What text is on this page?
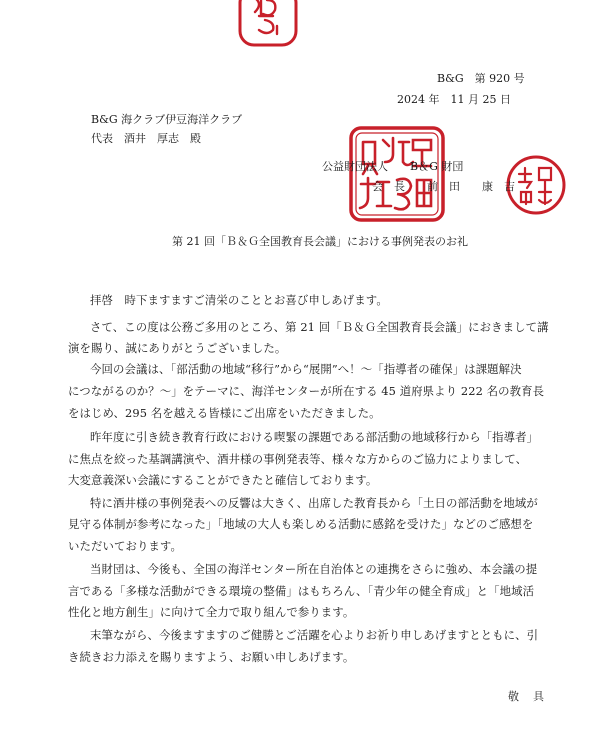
B&G　第 920 号
2024 年　11 月 25 日
B&G 海クラブ伊豆海洋クラブ
代表　酒井　厚志　殿
公益財団法人　　B＆G 財団
会　長 前　田　　康　吉
第 21 回「Ｂ＆Ｇ全国教育長会議」における事例発表のお礼
拝啓　時下ますますご清栄のこととお喜び申しあげます。
さて、この度は公務ご多用のところ、第 21 回「Ｂ＆Ｇ全国教育長会議」におきまして講
演を賜り、誠にありがとうございました。
今回の会議は、「部活動の地域“移行”から“展開”へ！～「指導者の確保」は課題解決
につながるのか？～」をテーマに、海洋センターが所在する 45 道府県より 222 名の教育長
をはじめ、295 名を越える皆様にご出席をいただきました。
昨年度に引き続き教育行政における喫緊の課題である部活動の地域移行から「指導者」
に焦点を絞った基調講演や、酒井様の事例発表等、様々な方からのご協力によりまして、
大変意義深い会議にすることができたと確信しております。
特に酒井様の事例発表への反響は大きく、出席した教育長から「土日の部活動を地域が
見守る体制が参考になった」「地域の大人も楽しめる活動に感銘を受けた」などのご感想を
いただいております。
当財団は、今後も、全国の海洋センター所在自治体との連携をさらに強め、本会議の提
言である「多様な活動ができる環境の整備」はもちろん、「青少年の健全育成」と「地域活
性化と地方創生」に向けて全力で取り組んで参ります。
末筆ながら、今後ますますのご健勝とご活躍を心よりお祈り申しあげますとともに、引
き続きお力添えを賜りますよう、お願い申しあげます。
敬具
